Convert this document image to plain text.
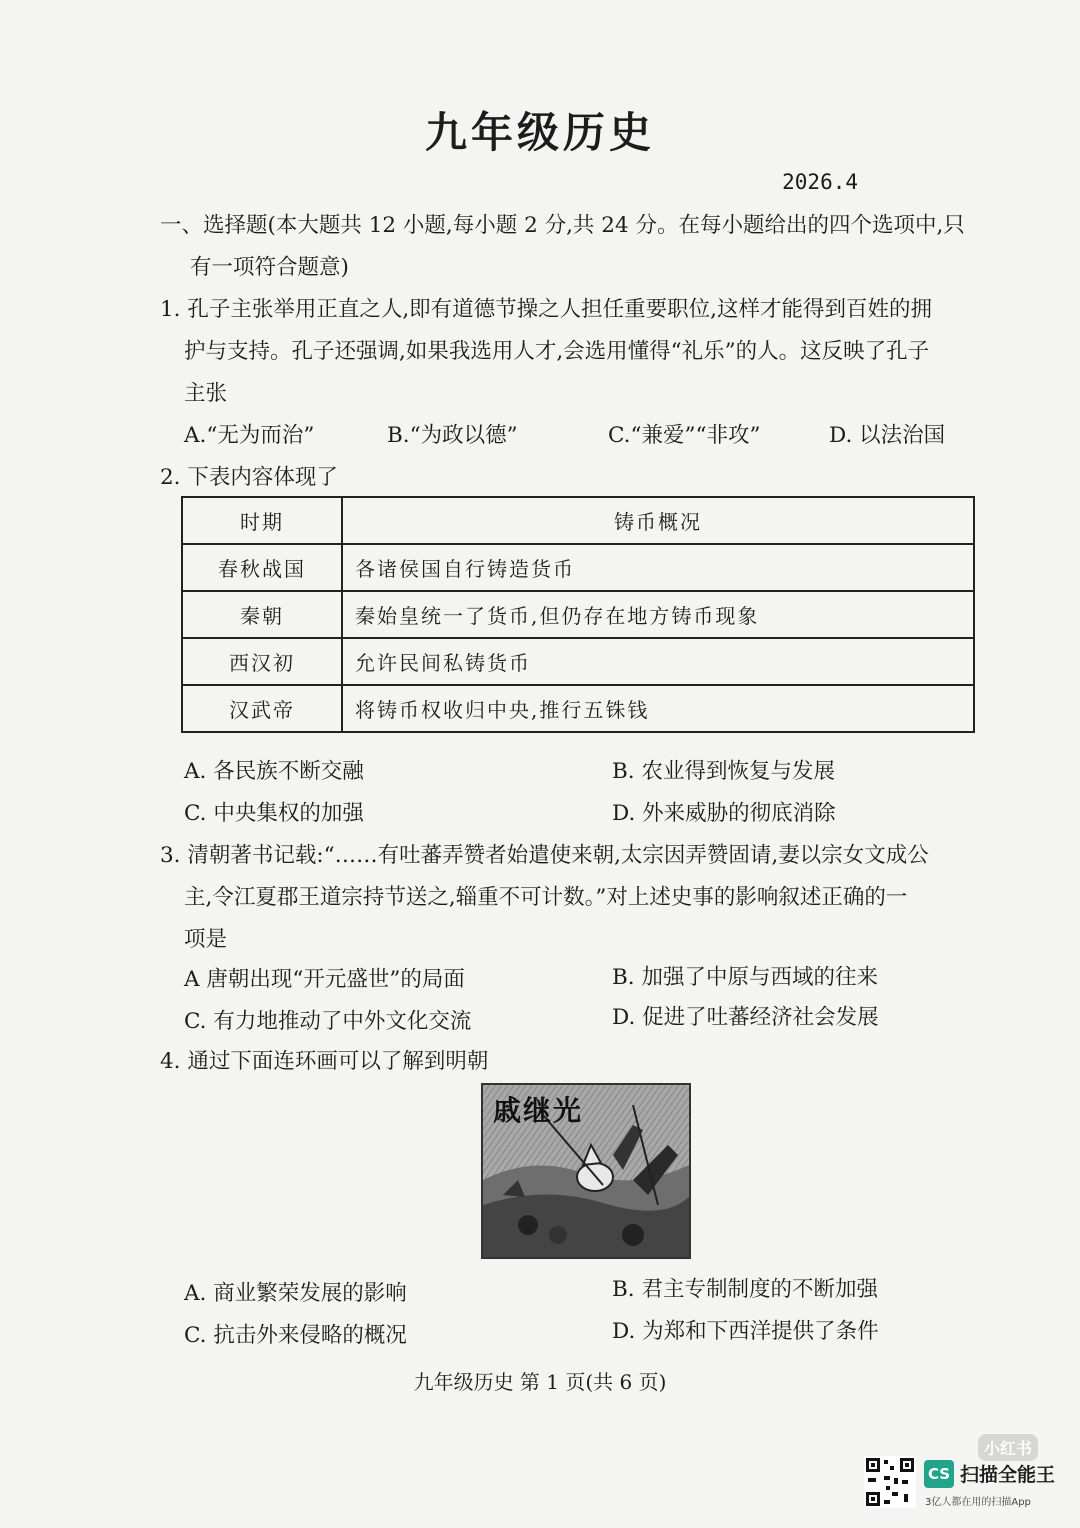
九年级历史
2026.4
一、选择题(本大题共 12 小题,每小题 2 分,共 24 分。在每小题给出的四个选项中,只
有一项符合题意)
1. 孔子主张举用正直之人,即有道德节操之人担任重要职位,这样才能得到百姓的拥
护与支持。孔子还强调,如果我选用人才,会选用懂得“礼乐”的人。这反映了孔子
主张
A.“无为而治”	B.“为政以德”	C.“兼爱”“非攻”	D. 以法治国
2. 下表内容体现了
时期	铸币概况
春秋战国	各诸侯国自行铸造货币
秦朝	秦始皇统一了货币,但仍存在地方铸币现象
西汉初	允许民间私铸货币
汉武帝	将铸币权收归中央,推行五铢钱
A. 各民族不断交融	B. 农业得到恢复与发展
C. 中央集权的加强	D. 外来威胁的彻底消除
3. 清朝著书记载:“……有吐蕃弄赞者始遣使来朝,太宗因弄赞固请,妻以宗女文成公
主,令江夏郡王道宗持节送之,辎重不可计数。”对上述史事的影响叙述正确的一
项是
A 唐朝出现“开元盛世”的局面	B. 加强了中原与西域的往来
C. 有力地推动了中外文化交流	D. 促进了吐蕃经济社会发展
4. 通过下面连环画可以了解到明朝
戚继光
A. 商业繁荣发展的影响	B. 君主专制制度的不断加强
C. 抗击外来侵略的概况	D. 为郑和下西洋提供了条件
九年级历史 第 1 页(共 6 页)
小红书
CS 扫描全能王
3亿人都在用的扫描App
